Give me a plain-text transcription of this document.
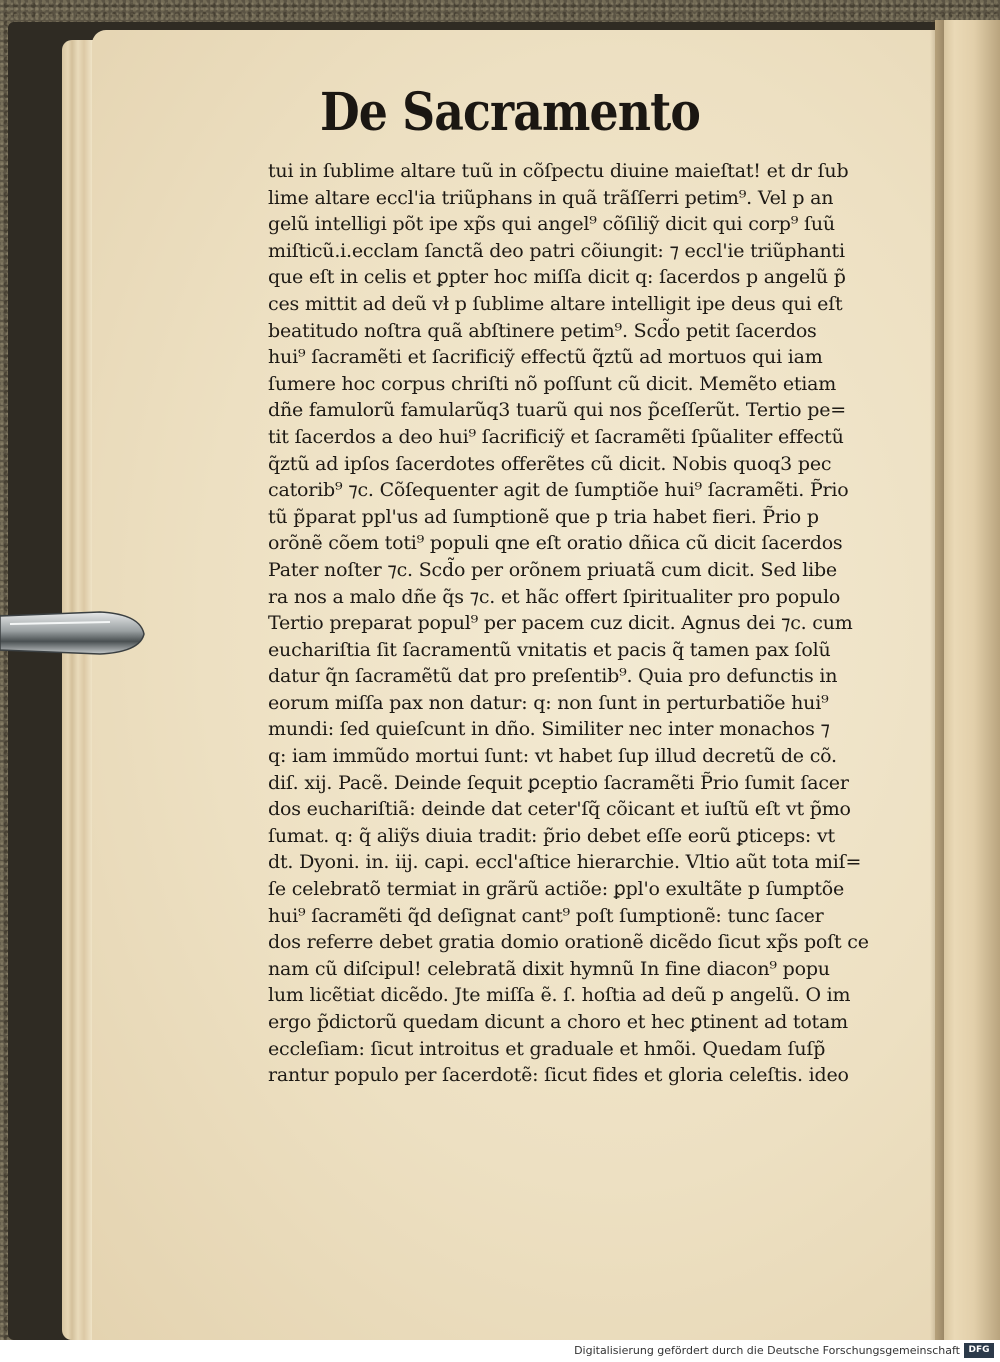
De Sacramento
tui in ſublime altare tuũ in cõſpectu diuine maieſtat! et dr ſub
lime altare eccl'ia triũphans in quã trãſſerri petim⁹. Vel p an
gelũ intelligi põt ipe xp̃s qui angel⁹ cõſiliỹ dicit qui corp⁹ ſuũ
miſticũ.i.ecclam ſanctã deo patri cõiungit: ⁊ eccl'ie triũphanti
que eſt in celis et ꝑpter hoc miſſa dicit q: ſacerdos p angelũ p̃
ces mittit ad deũ vł p ſublime altare intelligit ipe deus qui eſt
beatitudo noſtra quã abſtinere petim⁹. Scd̃o petit ſacerdos
hui⁹ ſacramẽti et ſacrificiỹ effectũ q̃ztũ ad mortuos qui iam
ſumere hoc corpus chriſti nõ poſſunt cũ dicit. Memẽto etiam
dñe famulorũ famularũq3 tuarũ qui nos p̃ceſſerũt. Tertio pe=
tit ſacerdos a deo hui⁹ ſacrificiỹ et ſacramẽti ſpũaliter effectũ
q̃ztũ ad ipſos ſacerdotes offerẽtes cũ dicit. Nobis quoq3 pec
catorib⁹ ⁊c. Cõſequenter agit de ſumptiõe hui⁹ ſacramẽti. P̃rio
tũ p̃parat ppl'us ad ſumptionẽ que p tria habet fieri. P̃rio p
orõnẽ cõem toti⁹ populi qne eſt oratio dñica cũ dicit ſacerdos
Pater noſter ⁊c. Scd̃o per orõnem priuatã cum dicit. Sed libe
ra nos a malo dñe q̃s ⁊c. et hãc offert ſpiritualiter pro populo
Tertio preparat popul⁹ per pacem cuz dicit. Agnus dei ⁊c. cum
euchariſtia ſit ſacramentũ vnitatis et pacis q̃ tamen pax ſolũ
datur q̃n ſacramẽtũ dat pro preſentib⁹. Quia pro defunctis in
eorum miſſa pax non datur: q: non ſunt in perturbatiõe hui⁹
mundi: ſed quieſcunt in dño. Similiter nec inter monachos ⁊
q: iam immũdo mortui ſunt: vt habet ſup illud decretũ de cõ.
diſ. xij. Pacẽ. Deinde ſequit ꝑceptio ſacramẽti P̃rio ſumit ſacer
dos euchariſtiã: deinde dat ceter'ſq̃ cõicant et iuſtũ eſt vt p̃mo
ſumat. q: q̃ aliỹs diuia tradit: p̃rio debet eſſe eorũ ꝑticeps: vt
dt. Dyoni. in. iij. capi. eccl'aſtice hierarchie. Vltio aũt tota miſ=
ſe celebratõ termiat in grãrũ actiõe: ꝑpl'o exultãte p ſumptõe
hui⁹ ſacramẽti q̃d deſignat cant⁹ poſt ſumptionẽ: tunc ſacer
dos referre debet gratia domio orationẽ dicẽdo ſicut xp̃s poſt ce
nam cũ diſcipul! celebratã dixit hymnũ In fine diacon⁹ popu
lum licẽtiat dicẽdo. Jte miſſa ẽ. ſ. hoſtia ad deũ p angelũ. O im
ergo p̃dictorũ quedam dicunt a choro et hec ꝑtinent ad totam
eccleſiam: ſicut introitus et graduale et hmõi. Quedam ſuſp̃
rantur populo per ſacerdotẽ: ſicut fides et gloria celeſtis. ideo
Digitalisierung gefördert durch die Deutsche Forschungsgemeinschaft DFG
